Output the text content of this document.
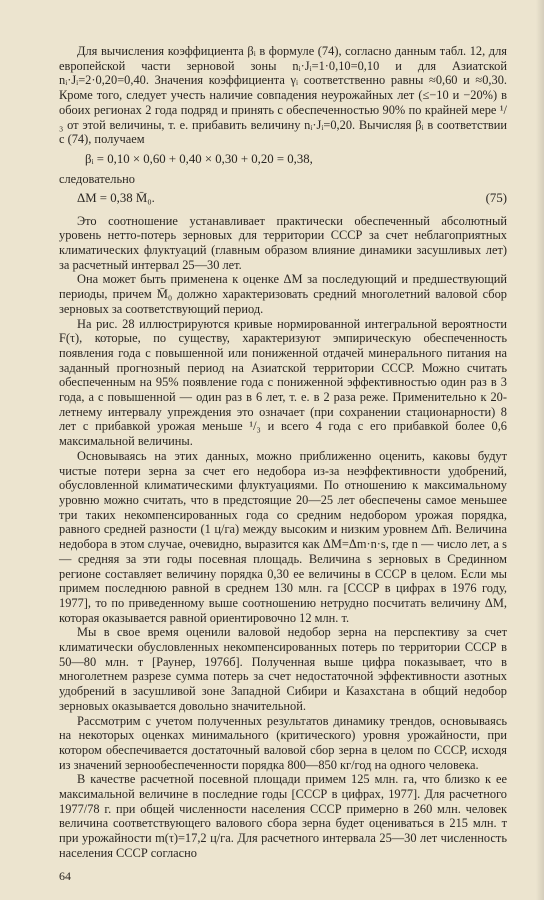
Для вычисления коэффициента βᵢ в формуле (74), согласно данным табл. 12, для европейской части зерновой зоны nᵢ·Jᵢ=1·0,10=0,10 и для Азиатской nᵢ·Jᵢ=2·0,20=0,40. Значения коэффициента γᵢ соответственно равны ≈0,60 и ≈0,30. Кроме того, следует учесть наличие совпадения неурожайных лет (≤−10 и −20%) в обоих регионах 2 года подряд и принять с обеспеченностью 90% по крайней мере ¹/₃ от этой величины, т. е. прибавить величину nᵢ·Jᵢ=0,20. Вычисляя βᵢ в соответствии с (74), получаем

βᵢ = 0,10 × 0,60 + 0,40 × 0,30 + 0,20 = 0,38,

следовательно

ΔM = 0,38 M̄₀.	(75)

Это соотношение устанавливает практически обеспеченный абсолютный уровень нетто-потерь зерновых для территории СССР за счет неблагоприятных климатических флуктуаций (главным образом влияние динамики засушливых лет) за расчетный интервал 25—30 лет.

Она может быть применена к оценке ΔM за последующий и предшествующий периоды, причем M̄₀ должно характеризовать средний многолетний валовой сбор зерновых за соответствующий период.

На рис. 28 иллюстрируются кривые нормированной интегральной вероятности F(τ), которые, по существу, характеризуют эмпирическую обеспеченность появления года с повышенной или пониженной отдачей минерального питания на заданный прогнозный период на Азиатской территории СССР. Можно считать обеспеченным на 95% появление года с пониженной эффективностью один раз в 3 года, а с повышенной — один раз в 6 лет, т. е. в 2 раза реже. Применительно к 20-летнему интервалу упреждения это означает (при сохранении стационарности) 8 лет с прибавкой урожая меньше ¹/₃ и всего 4 года с его прибавкой более 0,6 максимальной величины.

Основываясь на этих данных, можно приближенно оценить, каковы будут чистые потери зерна за счет его недобора из-за неэффективности удобрений, обусловленной климатическими флуктуациями. По отношению к максимальному уровню можно считать, что в предстоящие 20—25 лет обеспечены самое меньшее три таких некомпенсированных года со средним недобором урожая порядка, равного средней разности (1 ц/га) между высоким и низким уровнем Δm̄. Величина недобора в этом случае, очевидно, выразится как ΔM=Δm·n·s, где n — число лет, а s — средняя за эти годы посевная площадь. Величина s зерновых в Срединном регионе составляет величину порядка 0,30 ее величины в СССР в целом. Если мы примем последнюю равной в среднем 130 млн. га [СССР в цифрах в 1976 году, 1977], то по приведенному выше соотношению нетрудно посчитать величину ΔM, которая оказывается равной ориентировочно 12 млн. т.

Мы в свое время оценили валовой недобор зерна на перспективу за счет климатически обусловленных некомпенсированных потерь по территории СССР в 50—80 млн. т [Раунер, 1976б]. Полученная выше цифра показывает, что в многолетнем разрезе сумма потерь за счет недостаточной эффективности азотных удобрений в засушливой зоне Западной Сибири и Казахстана в общий недобор зерновых оказывается довольно значительной.

Рассмотрим с учетом полученных результатов динамику трендов, основываясь на некоторых оценках минимального (критического) уровня урожайности, при котором обеспечивается достаточный валовой сбор зерна в целом по СССР, исходя из значений зернообеспеченности порядка 800—850 кг/год на одного человека.

В качестве расчетной посевной площади примем 125 млн. га, что близко к ее максимальной величине в последние годы [СССР в цифрах, 1977]. Для расчетного 1977/78 г. при общей численности населения СССР примерно в 260 млн. человек величина соответствующего валового сбора зерна будет оцениваться в 215 млн. т при урожайности m(τ)=17,2 ц/га. Для расчетного интервала 25—30 лет численность населения СССР согласно

64
